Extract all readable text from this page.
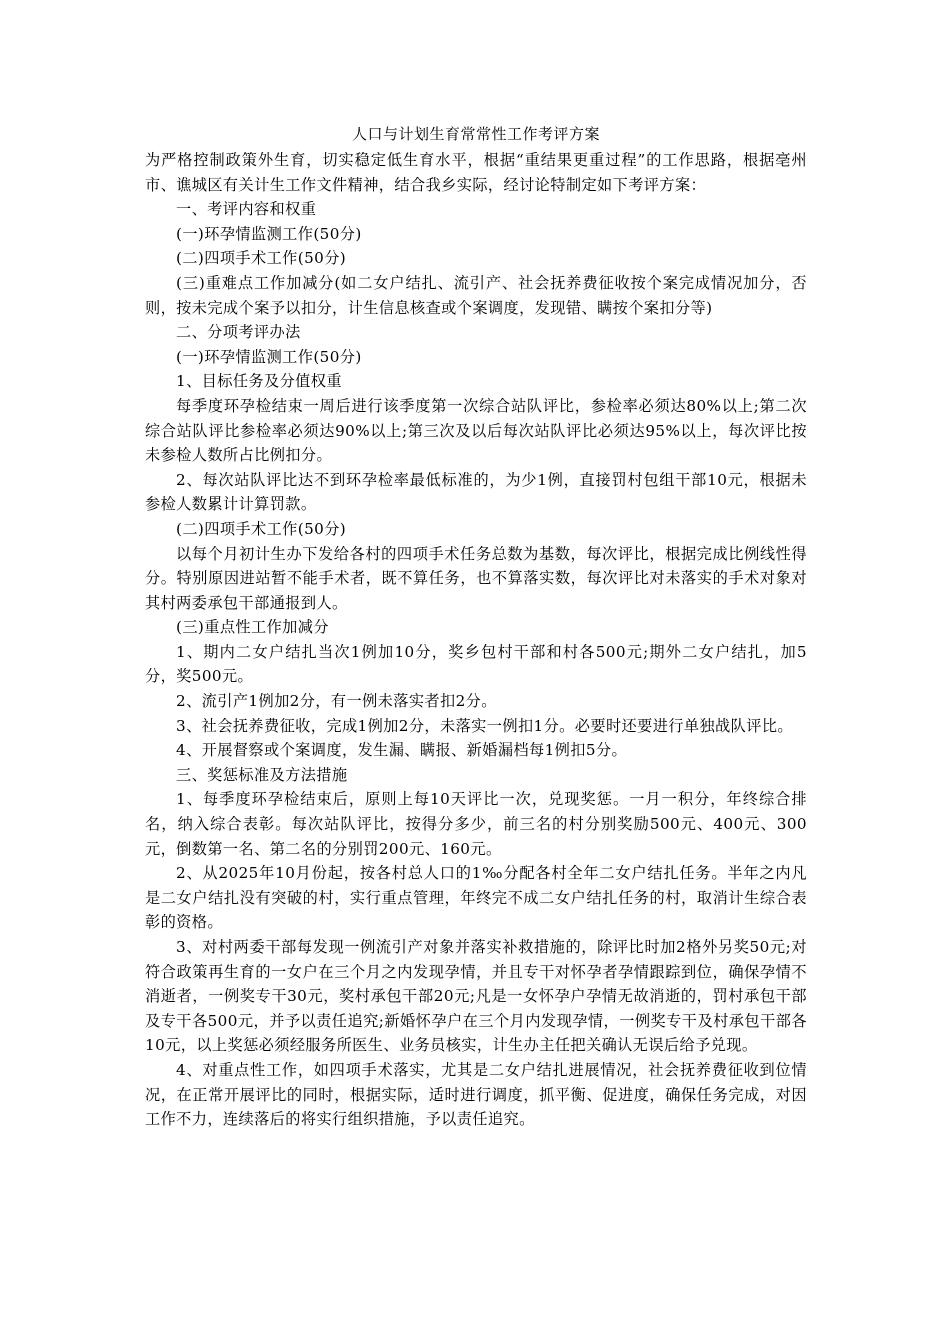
人口与计划生育常常性工作考评方案

为严格控制政策外生育，切实稳定低生育水平，根据“重结果更重过程”的工作思路，根据亳州市、谯城区有关计生工作文件精神，结合我乡实际，经讨论特制定如下考评方案：

一、考评内容和权重

(一)环孕情监测工作(50分)

(二)四项手术工作(50分)

(三)重难点工作加减分(如二女户结扎、流引产、社会抚养费征收按个案完成情况加分，否则，按未完成个案予以扣分，计生信息核查或个案调度，发现错、瞒按个案扣分等)

二、分项考评办法

(一)环孕情监测工作(50分)

1、目标任务及分值权重

每季度环孕检结束一周后进行该季度第一次综合站队评比，参检率必须达80%以上;第二次综合站队评比参检率必须达90%以上;第三次及以后每次站队评比必须达95%以上，每次评比按未参检人数所占比例扣分。

2、每次站队评比达不到环孕检率最低标准的，为少1例，直接罚村包组干部10元，根据未参检人数累计计算罚款。

(二)四项手术工作(50分)

以每个月初计生办下发给各村的四项手术任务总数为基数，每次评比，根据完成比例线性得分。特别原因进站暂不能手术者，既不算任务，也不算落实数，每次评比对未落实的手术对象对其村两委承包干部通报到人。

(三)重点性工作加减分

1、期内二女户结扎当次1例加10分，奖乡包村干部和村各500元;期外二女户结扎，加5分，奖500元。

2、流引产1例加2分，有一例未落实者扣2分。

3、社会抚养费征收，完成1例加2分，未落实一例扣1分。必要时还要进行单独战队评比。

4、开展督察或个案调度，发生漏、瞒报、新婚漏档每1例扣5分。

三、奖惩标准及方法措施

1、每季度环孕检结束后，原则上每10天评比一次，兑现奖惩。一月一积分，年终综合排名，纳入综合表彰。每次站队评比，按得分多少，前三名的村分别奖励500元、400元、300元，倒数第一名、第二名的分别罚200元、160元。

2、从2025年10月份起，按各村总人口的1‰分配各村全年二女户结扎任务。半年之内凡是二女户结扎没有突破的村，实行重点管理，年终完不成二女户结扎任务的村，取消计生综合表彰的资格。

3、对村两委干部每发现一例流引产对象并落实补救措施的，除评比时加2格外另奖50元;对符合政策再生育的一女户在三个月之内发现孕情，并且专干对怀孕者孕情跟踪到位，确保孕情不消逝者，一例奖专干30元，奖村承包干部20元;凡是一女怀孕户孕情无故消逝的，罚村承包干部及专干各500元，并予以责任追究;新婚怀孕户在三个月内发现孕情，一例奖专干及村承包干部各10元，以上奖惩必须经服务所医生、业务员核实，计生办主任把关确认无误后给予兑现。

4、对重点性工作，如四项手术落实，尤其是二女户结扎进展情况，社会抚养费征收到位情况，在正常开展评比的同时，根据实际，适时进行调度，抓平衡、促进度，确保任务完成，对因工作不力，连续落后的将实行组织措施，予以责任追究。
